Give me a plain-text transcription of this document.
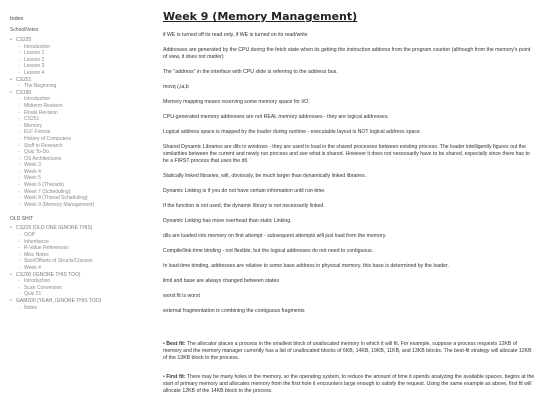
Index
SchoolNotes
• CS225
◦ Introduction
◦ Lesson 1
◦ Lesson 2
◦ Lesson 3
◦ Lesson 4
• CS251
◦ The Beginning
• CS180
◦ Introduction
◦ Midterm Revision
◦ Finals Revision
◦ CS251
◦ Memory
◦ ELF Format
◦ History of Computers
◦ Stuff to Research
◦ Quiz To-Do
◦ OS Architectures
◦ Week 3
◦ Week 4
◦ Week 5
◦ Week 6 (Threads)
◦ Week 7 (Scheduling)
◦ Week 8 (Thread Scheduling)
◦ Week 9 (Memory Management)
OLD SHIT
• CS225 (OLD ONE IGNORE THIS)
◦ OOP
◦ Inheritance
◦ R-Value References
◦ Misc Notes
◦ Size/Offsets of Structs/Classes
◦ Week 4
• CS200 (IGNORE THIS TOO)
◦ Introduction
◦ Scan Conversion
◦ Quiz 01
• GAM200 (YEAH, IGNORE THIS TOO)
◦ Notes
Week 9 (Memory Management)

if WE is turned off its read only, if WE is turned on its read/write

Addresses are generated by the CPU during the fetch state when its getting the instruction address from the program counter (although from the memory's point of view, it does not matter)

The "address" in the interface with CPU slide is referring to the address bus.

movq (,ia,b

Memory mapping means reserving some memory space for I/O.

CPU-generated memory addresses are not REAL memory addresses - they are logical addresses.

Logical address space is mapped by the loader during runtime - executable layout is NOT logical address space

Shared Dynamic Libraries are dlls in windows - they are used to load in the shared processes between existing process. The loader intelligently figures out the similarities between the current and newly run process and see what is shared. However it does not necessarily have to be shared, especially since there has to be a FIRST process that uses the dll.

Statically linked libraries, will, obviously, be much larger than dynamically linked libraries.

Dynamic Linking is if you do not have certain information until run-time.

If the function is not used, the dynamic library is not necessarily linked.

Dynamic Linking has more overhead than static Linking.

dlls are loaded into memory on first attempt - subsequent attempts will just load from the memory.

Compile/link-time binding - not flexible, but the logical addresses do not need to contiguous.

In load-time binding, addresses are relative to some base address in physical memory. this base is determined by the loader.

limit and base are always changed between states

worst fit is worst

external fragmentation is combining the contiguous fragments

• Best fit: The allocator places a process in the smallest block of unallocated memory in which it will fit. For example, suppose a process requests 12KB of memory and the memory manager currently has a list of unallocated blocks of 6KB, 14KB, 19KB, 11KB, and 13KB blocks. The best-fit strategy will allocate 12KB of the 13KB block to the process.

• First fit: There may be many holes in the memory, so the operating system, to reduce the amount of time it spends analyzing the available spaces, begins at the start of primary memory and allocates memory from the first hole it encounters large enough to satisfy the request. Using the same example as above, first fit will allocate 12KB of the 14KB block to the process.
